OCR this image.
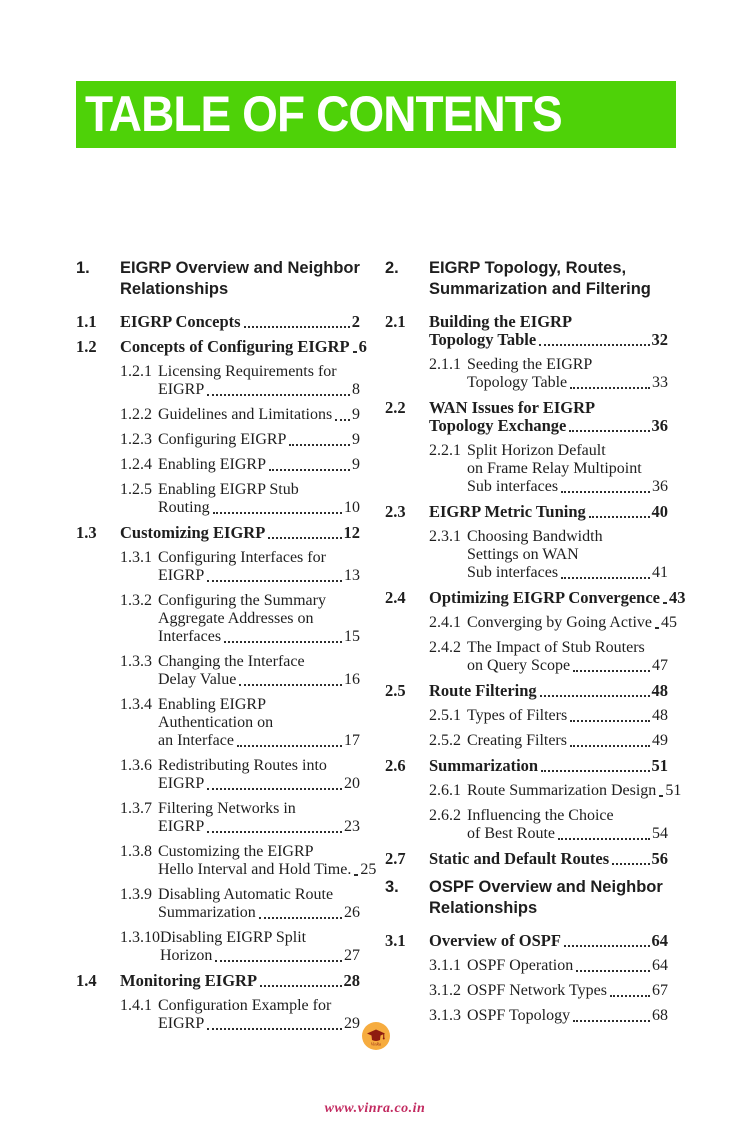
TABLE OF CONTENTS
1.	EIGRP Overview and Neighbor
Relationships
1.1	EIGRP Concepts	2
1.2	Concepts of Configuring EIGRP 6
1.2.1 Licensing Requirements for
EIGRP	8
1.2.2 Guidelines and Limitations 9
1.2.3 Configuring EIGRP	9
1.2.4 Enabling EIGRP	9
1.2.5 Enabling EIGRP Stub
Routing	10
1.3	Customizing EIGRP	12
1.3.1 Configuring Interfaces for
EIGRP	13
1.3.2 Configuring the Summary
Aggregate Addresses on
Interfaces	15
1.3.3 Changing the Interface
Delay Value	16
1.3.4 Enabling EIGRP
Authentication on
an Interface	17
1.3.6 Redistributing Routes into
EIGRP	20
1.3.7 Filtering Networks in
EIGRP	23
1.3.8 Customizing the EIGRP
Hello Interval and Hold Time. 25
1.3.9 Disabling Automatic Route
Summarization	26
1.3.10 Disabling EIGRP Split
Horizon	27
1.4	Monitoring EIGRP	28
1.4.1 Configuration Example for
EIGRP	29
2.	EIGRP Topology, Routes,
Summarization and Filtering
2.1	Building the EIGRP
Topology Table	32
2.1.1 Seeding the EIGRP
Topology Table	33
2.2	WAN Issues for EIGRP
Topology Exchange	36
2.2.1 Split Horizon Default
on Frame Relay Multipoint
Sub interfaces	36
2.3	EIGRP Metric Tuning	40
2.3.1 Choosing Bandwidth
Settings on WAN
Sub interfaces	41
2.4	Optimizing EIGRP Convergence 43
2.4.1 Converging by Going Active 45
2.4.2 The Impact of Stub Routers
on Query Scope	47
2.5	Route Filtering	48
2.5.1 Types of Filters	48
2.5.2 Creating Filters	49
2.6	Summarization	51
2.6.1 Route Summarization Design 51
2.6.2 Influencing the Choice
of Best Route	54
2.7	Static and Default Routes	56
3.	OSPF Overview and Neighbor
Relationships
3.1	Overview of OSPF	64
3.1.1 OSPF Operation	64
3.1.2 OSPF Network Types	67
3.1.3 OSPF Topology	68
VinRa
www.vinra.co.in
